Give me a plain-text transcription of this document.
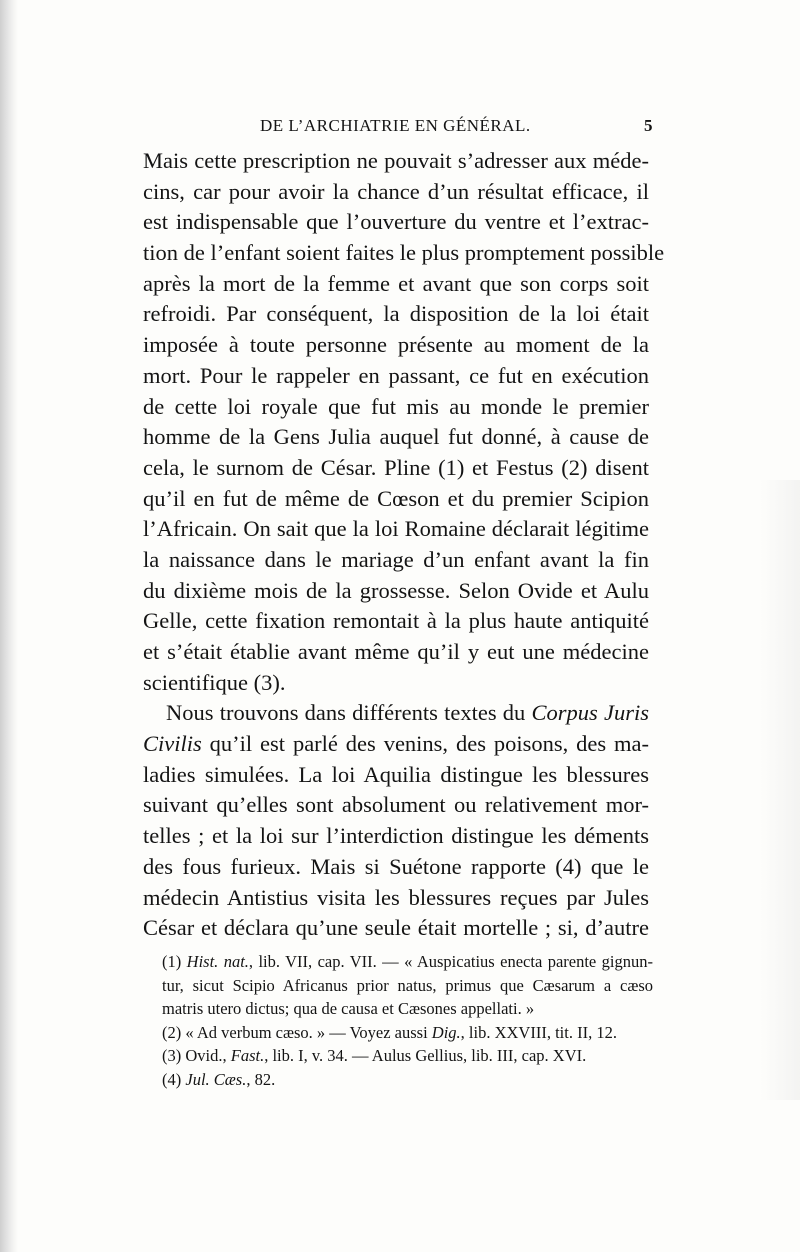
DE L’ARCHIATRIE EN GÉNÉRAL.	5
Mais cette prescription ne pouvait s’adresser aux méde-
cins, car pour avoir la chance d’un résultat efficace, il
est indispensable que l’ouverture du ventre et l’extrac-
tion de l’enfant soient faites le plus promptement possible
après la mort de la femme et avant que son corps soit
refroidi. Par conséquent, la disposition de la loi était
imposée à toute personne présente au moment de la
mort. Pour le rappeler en passant, ce fut en exécution
de cette loi royale que fut mis au monde le premier
homme de la Gens Julia auquel fut donné, à cause de
cela, le surnom de César. Pline (1) et Festus (2) disent
qu’il en fut de même de Cœson et du premier Scipion
l’Africain. On sait que la loi Romaine déclarait légitime
la naissance dans le mariage d’un enfant avant la fin
du dixième mois de la grossesse. Selon Ovide et Aulu
Gelle, cette fixation remontait à la plus haute antiquité
et s’était établie avant même qu’il y eut une médecine
scientifique (3).
Nous trouvons dans différents textes du Corpus Juris
Civilis qu’il est parlé des venins, des poisons, des ma-
ladies simulées. La loi Aquilia distingue les blessures
suivant qu’elles sont absolument ou relativement mor-
telles ; et la loi sur l’interdiction distingue les déments
des fous furieux. Mais si Suétone rapporte (4) que le
médecin Antistius visita les blessures reçues par Jules
César et déclara qu’une seule était mortelle ; si, d’autre
(1) Hist. nat., lib. VII, cap. VII. — « Auspicatius enecta parente gignun-
tur, sicut Scipio Africanus prior natus, primus que Cæsarum a cæso
matris utero dictus; qua de causa et Cæsones appellati. »
(2) « Ad verbum cæso. » — Voyez aussi Dig., lib. XXVIII, tit. II, 12.
(3) Ovid., Fast., lib. I, v. 34. — Aulus Gellius, lib. III, cap. XVI.
(4) Jul. Cæs., 82.
